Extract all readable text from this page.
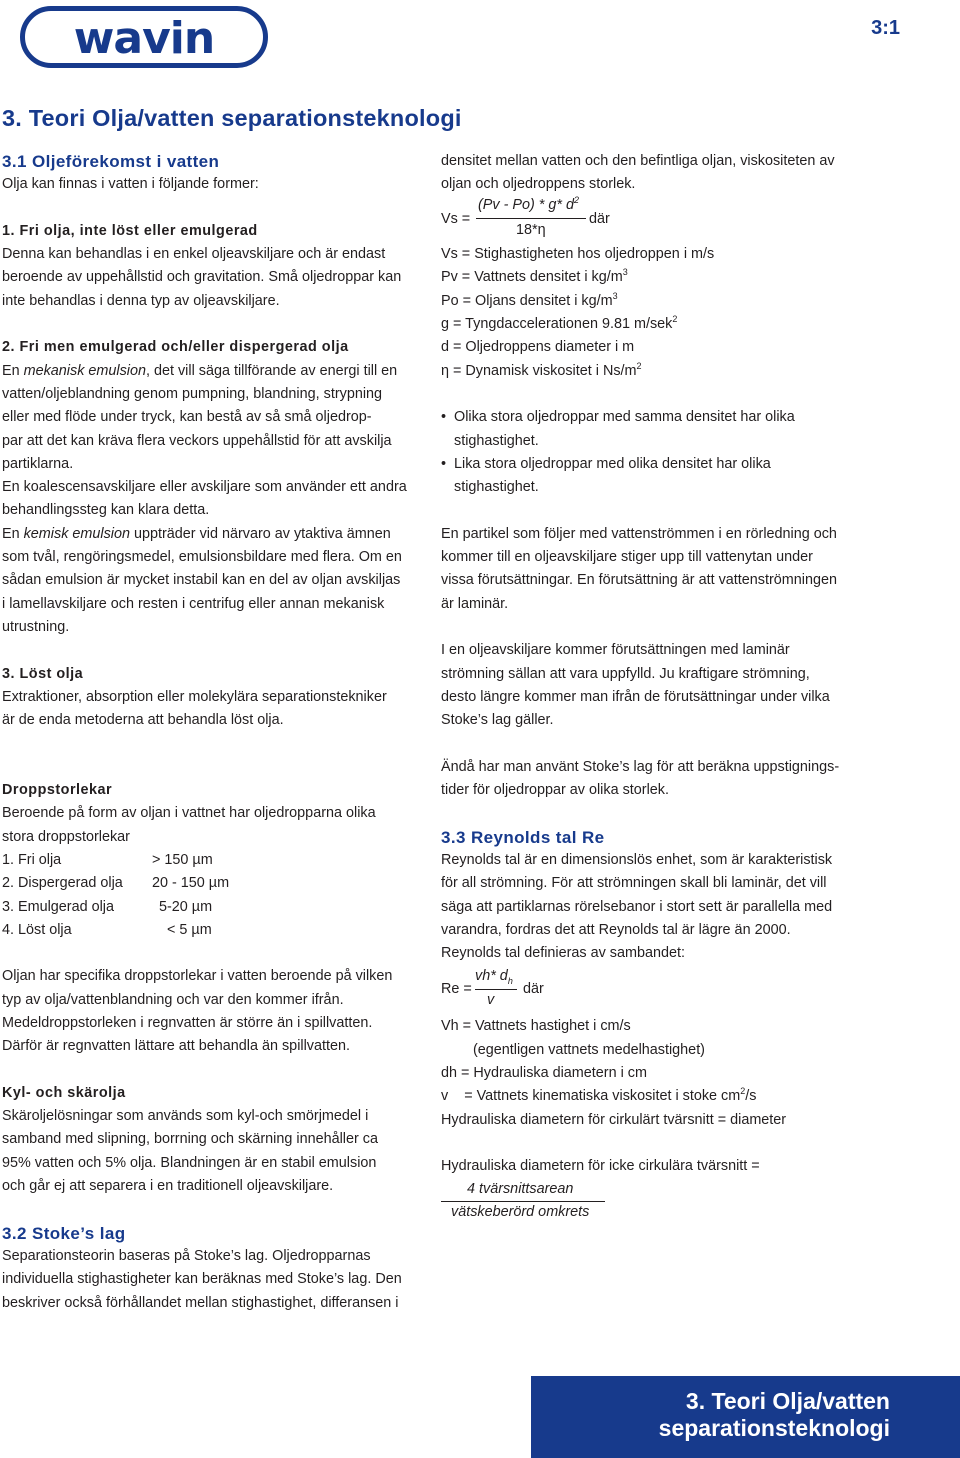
wavin	3:1
3. Teori Olja/vatten separationsteknologi
3.1 Oljeförekomst i vatten

Olja kan finnas i vatten i följande former:

1. Fri olja, inte löst eller emulgerad

Denna kan behandlas i en enkel oljeavskiljare och är endast

beroende av uppehållstid och gravitation. Små oljedroppar kan

inte behandlas i denna typ av oljeavskiljare.

2. Fri men emulgerad och/eller dispergerad olja

En mekanisk emulsion, det vill säga tillförande av energi till en

vatten/oljeblandning genom pumpning, blandning, strypning

eller med flöde under tryck, kan bestå av så små oljedrop-

par att det kan kräva flera veckors uppehållstid för att avskilja

partiklarna.

En koalescensavskiljare eller avskiljare som använder ett andra

behandlingssteg kan klara detta.

En kemisk emulsion uppträder vid närvaro av ytaktiva ämnen

som tvål, rengöringsmedel, emulsionsbildare med flera. Om en

sådan emulsion är mycket instabil kan en del av oljan avskiljas

i lamellavskiljare och resten i centrifug eller annan mekanisk

utrustning.

3. Löst olja

Extraktioner, absorption eller molekylära separationstekniker

är de enda metoderna att behandla löst olja.

Droppstorlekar

Beroende på form av oljan i vattnet har oljedropparna olika

stora droppstorlekar

1. Fri olja	> 150 µm
2. Dispergerad olja 20 - 150 µm
3. Emulgerad olja	5-20 µm
4. Löst olja	< 5 µm

Oljan har specifika droppstorlekar i vatten beroende på vilken

typ av olja/vattenblandning och var den kommer ifrån.

Medeldroppstorleken i regnvatten är större än i spillvatten.

Därför är regnvatten lättare att behandla än spillvatten.

Kyl- och skärolja

Skäroljelösningar som används som kyl-och smörjmedel i

samband med slipning, borrning och skärning innehåller ca

95% vatten och 5% olja. Blandningen är en stabil emulsion

och går ej att separera i en traditionell oljeavskiljare.

3.2 Stoke’s lag

Separationsteorin baseras på Stoke’s lag. Oljedropparnas

individuella stighastigheter kan beräknas med Stoke’s lag. Den

beskriver också förhållandet mellan stighastighet, differansen i

densitet mellan vatten och den befintliga oljan, viskositeten av

oljan och oljedroppens storlek.

Vs =
(Pv - Po) * g* $d^2$
18*η
där

Vs = Stighastigheten hos oljedroppen i m/s

Pv = Vattnets densitet i $kg/m^3$

Po = Oljans densitet i $kg/m^3$

g = Tyngdaccelerationen 9.81 m/sek$^2$

d = Oljedroppens diameter i m

η = Dynamisk viskositet i $Ns/m^2$

• Olika stora oljedroppar med samma densitet har olika
stighastighet.
• Lika stora oljedroppar med olika densitet har olika
stighastighet.

En partikel som följer med vattenströmmen i en rörledning och

kommer till en oljeavskiljare stiger upp till vattenytan under

vissa förutsättningar. En förutsättning är att vattenströmningen

är laminär.

I en oljeavskiljare kommer förutsättningen med laminär

strömning sällan att vara uppfylld. Ju kraftigare strömning,

desto längre kommer man ifrån de förutsättningar under vilka

Stoke’s lag gäller.

Ändå har man använt Stoke’s lag för att beräkna uppstignings-

tider för oljedroppar av olika storlek.

3.3 Reynolds tal Re

Reynolds tal är en dimensionslös enhet, som är karakteristisk

för all strömning. För att strömningen skall bli laminär, det vill

säga att partiklarnas rörelsebanor i stort sett är parallella med

varandra, fordras det att Reynolds tal är lägre än 2000.

Reynolds tal definieras av sambandet:

Re =
vh* $d_h$
v
där

Vh = Vattnets hastighet i cm/s

(egentligen vattnets medelhastighet)

dh = Hydrauliska diametern i cm

v    = Vattnets kinematiska viskositet i stoke $cm^2/s$

Hydrauliska diametern för cirkulärt tvärsnitt = diameter

Hydrauliska diametern för icke cirkulära tvärsnitt =

4 tvärsnittsarean
vätskeberörd omkrets
3. Teori Olja/vatten
separationsteknologi
